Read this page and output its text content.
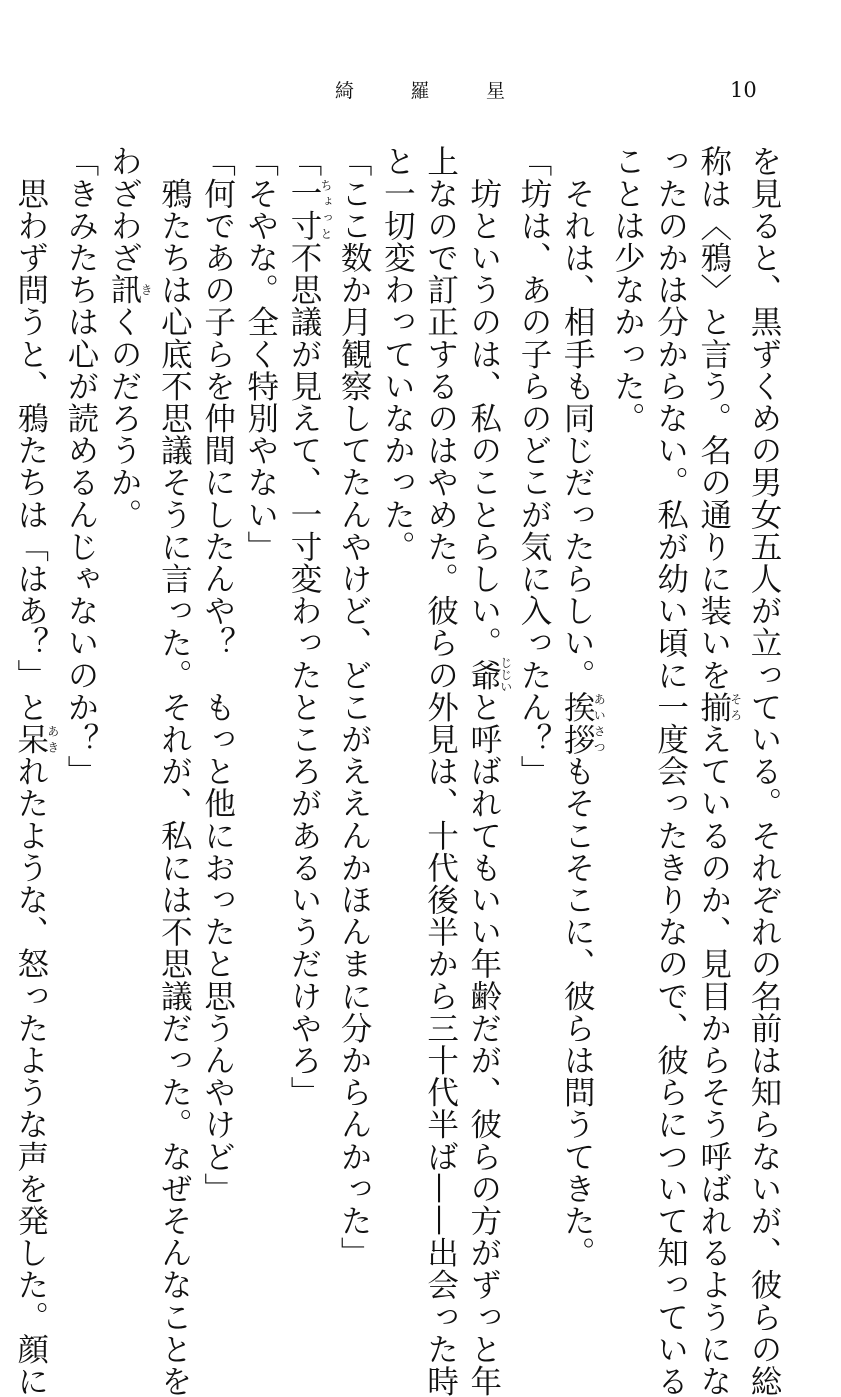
綺	羅	星	10
を見ると、黒ずくめの男女五人が立っている。それぞれの名前は知らないが、彼らの総
称は〈鴉〉と言う。名の通りに装いを揃そろえているのか、見目からそう呼ばれるようにな
ったのかは分からない。私が幼い頃に一度会ったきりなので、彼らについて知っている
ことは少なかった。
　それは、相手も同じだったらしい。挨拶あいさつもそこそこに、彼らは問うてきた。
「坊は、あの子らのどこが気に入ったん？」
　坊というのは、私のことらしい。爺じじいと呼ばれてもいい年齢だが、彼らの方がずっと年
上なので訂正するのはやめた。彼らの外見は、十代後半から三十代半ば——出会った時
と一切変わっていなかった。
「ここ数か月観察してたんやけど、どこがええんかほんまに分からんかった」
「一寸ちょっと不思議が見えて、一寸変わったところがあるいうだけやろ」
「そやな。全く特別やない」
「何であの子らを仲間にしたんや？　もっと他におったと思うんやけど」
　鴉たちは心底不思議そうに言った。それが、私には不思議だった。なぜそんなことを
わざわざ訊きくのだろうか。
「きみたちは心が読めるんじゃないのか？」
　思わず問うと、鴉たちは「はあ？」と呆あきれたような、怒ったような声を発した。顔に
